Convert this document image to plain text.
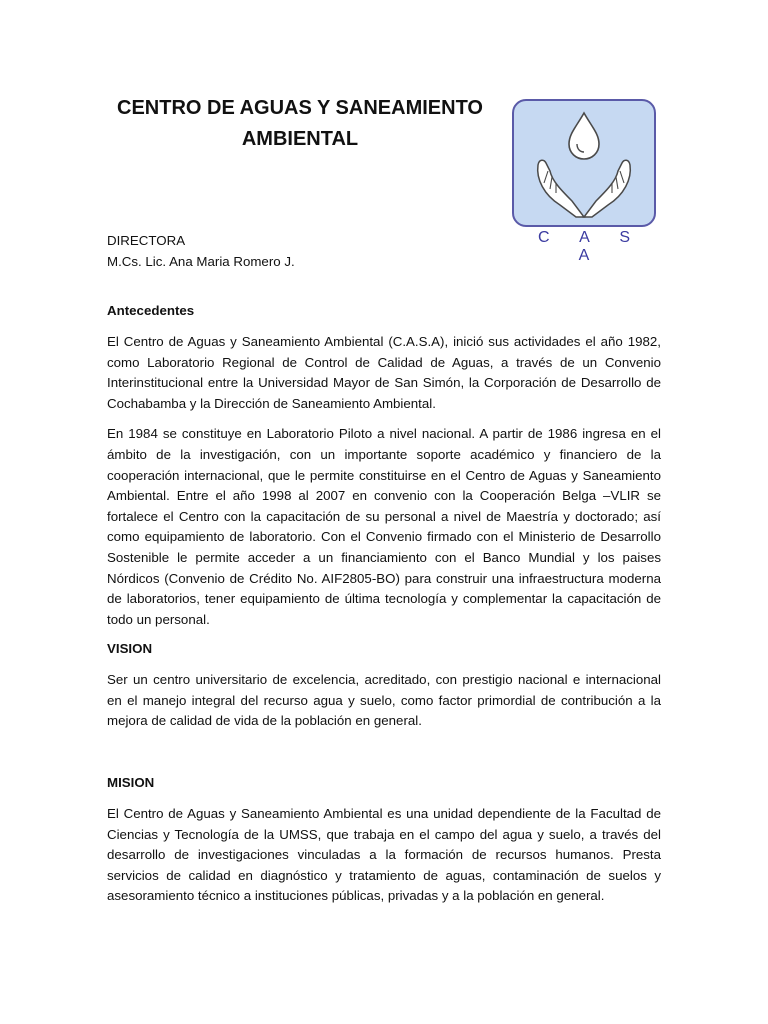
CENTRO DE AGUAS Y SANEAMIENTO
AMBIENTAL
C A S A
DIRECTORA
M.Cs. Lic. Ana Maria Romero J.
Antecedentes

El Centro de Aguas y Saneamiento Ambiental (C.A.S.A), inició sus actividades el año 1982, como Laboratorio Regional de Control de Calidad de Aguas, a través de un Convenio Interinstitucional entre la Universidad Mayor de San Simón, la Corporación de Desarrollo de Cochabamba y la Dirección de Saneamiento Ambiental.

En 1984 se constituye en Laboratorio Piloto a nivel nacional. A partir de 1986 ingresa en el ámbito de la investigación, con un importante soporte académico y financiero de la cooperación internacional, que le permite constituirse en el Centro de Aguas y Saneamiento Ambiental. Entre el año 1998 al 2007 en convenio con la Cooperación Belga –VLIR se fortalece el Centro con la capacitación de su personal a nivel de Maestría y doctorado; así como equipamiento de laboratorio. Con el Convenio firmado con el Ministerio de Desarrollo Sostenible le permite acceder a un financiamiento con el Banco Mundial y los paises Nórdicos (Convenio de Crédito No. AIF2805-BO) para construir una infraestructura moderna de laboratorios, tener equipamiento de última tecnología y complementar la capacitación de todo un personal.

VISION

Ser un centro universitario de excelencia, acreditado, con prestigio nacional e internacional en el manejo integral del recurso agua y suelo, como factor primordial de contribución a la mejora de calidad de vida de la población en general.

MISION

El Centro de Aguas y Saneamiento Ambiental es una unidad dependiente de la Facultad de Ciencias y Tecnología de la UMSS, que trabaja en el campo del agua y suelo, a través del desarrollo de investigaciones vinculadas a la formación de recursos humanos. Presta servicios de calidad en diagnóstico y tratamiento de aguas, contaminación de suelos y asesoramiento técnico a instituciones públicas, privadas y a la población en general.
